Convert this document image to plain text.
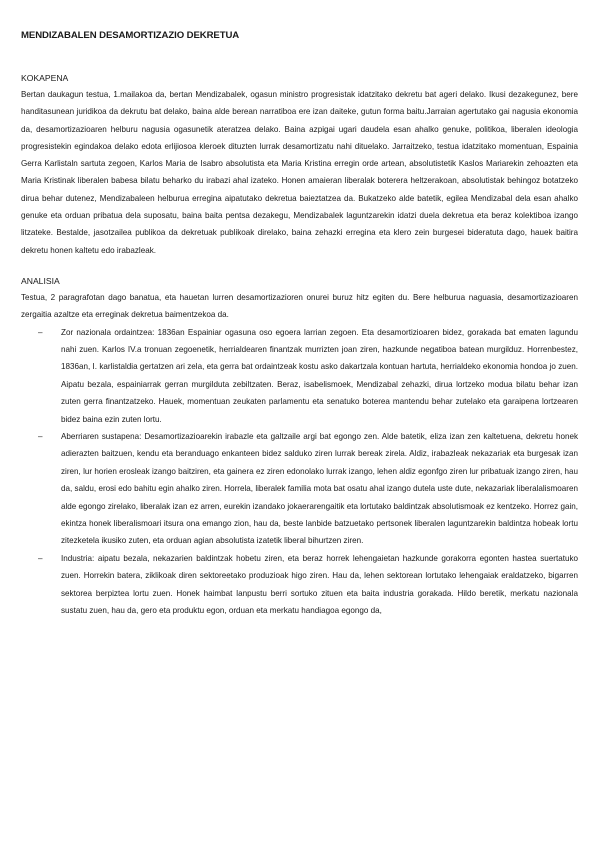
MENDIZABALEN DESAMORTIZAZIO DEKRETUA
KOKAPENA

Bertan daukagun testua, 1.mailakoa da, bertan Mendizabalek, ogasun ministro progresistak idatzitako dekretu bat ageri delako. Ikusi dezakegunez, bere handitasunean juridikoa da dekrutu bat delako, baina alde berean narratiboa ere izan daiteke, gutun forma baitu.Jarraian agertutako gai nagusia ekonomia da, desamortizazioaren helburu nagusia ogasunetik ateratzea delako. Baina azpigai ugari daudela esan ahalko genuke, politikoa, liberalen ideologia progresistekin egindakoa delako edota erlijiosoa kleroek dituzten lurrak desamortizatu nahi dituelako. Jarraitzeko, testua idatzitako momentuan, Espainia Gerra Karlistaln sartuta zegoen, Karlos Maria de Isabro absolutista eta Maria Kristina erregin orde artean, absolutistetik Kaslos Mariarekin zehoazten eta Maria Kristinak liberalen babesa bilatu beharko du irabazi ahal izateko. Honen amaieran liberalak boterera heltzerakoan, absolutistak behingoz botatzeko dirua behar dutenez, Mendizabaleen helburua erregina aipatutako dekretua baieztatzea da. Bukatzeko alde batetik, egilea Mendizabal dela esan ahalko genuke eta orduan pribatua dela suposatu, baina baita pentsa dezakegu, Mendizabalek laguntzarekin idatzi duela dekretua eta beraz kolektiboa izango litzateke. Bestalde, jasotzailea publikoa da dekretuak publikoak direlako, baina zehazki erregina eta klero zein burgesei bideratuta dago, hauek baitira dekretu honen kaltetu edo irabazleak.

ANALISIA

Testua, 2 paragrafotan dago banatua, eta hauetan lurren desamortizazioren onurei buruz hitz egiten du. Bere helburua naguasia, desamortizazioaren zergaitia azaltze eta erreginak dekretua baimentzekoa da.

– Zor nazionala ordaintzea: 1836an Espainiar ogasuna oso egoera larrian zegoen. Eta desamortizioaren bidez, gorakada bat ematen lagundu nahi zuen. Karlos IV.a tronuan zegoenetik, herrialdearen finantzak murrizten joan ziren, hazkunde negatiboa batean murgilduz. Horrenbestez, 1836an, I. karlistaldia gertatzen ari zela, eta gerra bat ordaintzeak kostu asko dakartzala kontuan hartuta, herrialdeko ekonomia hondoa jo zuen. Aipatu bezala, espainiarrak gerran murgilduta zebiltzaten. Beraz, isabelismoek, Mendizabal zehazki, dirua lortzeko modua bilatu behar izan zuten gerra finantzatzeko. Hauek, momentuan zeukaten parlamentu eta senatuko boterea mantendu behar zutelako eta garaipena lortzearen bidez baina ezin zuten lortu.
– Aberriaren sustapena: Desamortizazioarekin irabazle eta galtzaile argi bat egongo zen. Alde batetik, eliza izan zen kaltetuena, dekretu honek adierazten baitzuen, kendu eta beranduago enkanteen bidez salduko ziren lurrak bereak zirela. Aldiz, irabazleak nekazariak eta burgesak izan ziren, lur horien erosleak izango baitziren, eta gainera ez ziren edonolako lurrak izango, lehen aldiz egonfgo ziren lur pribatuak izango ziren, hau da, saldu, erosi edo bahitu egin ahalko ziren. Horrela, liberalek familia mota bat osatu ahal izango dutela uste dute, nekazariak liberalalismoaren alde egongo zirelako, liberalak izan ez arren, eurekin izandako jokaerarengaitik eta lortutako baldintzak absolutismoak ez kentzeko. Horrez gain, ekintza honek liberalismoari itsura ona emango zion, hau da, beste lanbide batzuetako pertsonek liberalen laguntzarekin baldintza hobeak lortu zitezketela ikusiko zuten, eta orduan agian absolutista izatetik liberal bihurtzen ziren.
– Industria: aipatu bezala, nekazarien baldintzak hobetu ziren, eta beraz horrek lehengaietan hazkunde gorakorra egonten hastea suertatuko zuen. Horrekin batera, ziklikoak diren sektoreetako produzioak higo ziren. Hau da, lehen sektorean lortutako lehengaiak eraldatzeko, bigarren sektorea berpiztea lortu zuen. Honek haimbat lanpustu berri sortuko zituen eta baita industria gorakada. Hildo beretik, merkatu nazionala sustatu zuen, hau da, gero eta produktu egon, orduan eta merkatu handiagoa egongo da,
